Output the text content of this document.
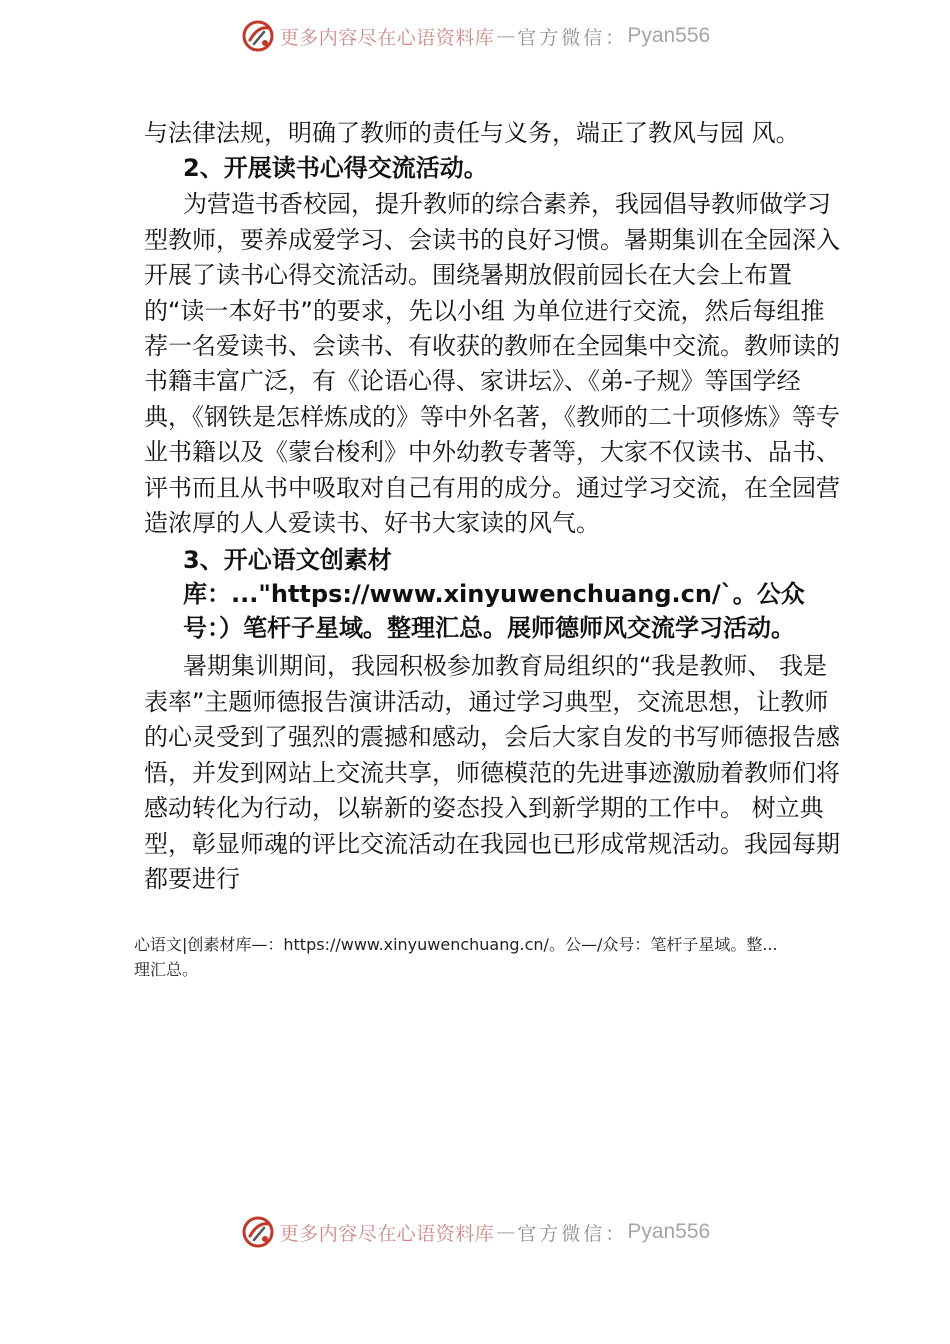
更多内容尽在心语资料库 — 官方微信： Pyan556

与法律法规，明确了教师的责任与义务，端正了教风与园 风。

2、开展读书心得交流活动。

为营造书香校园，提升教师的综合素养，我园倡导教师做学习型教师，要养成爱学习、会读书的良好习惯。暑期集训在全园深入开展了读书心得交流活动。围绕暑期放假前园长在大会上布置的“读一本好书”的要求，先以小组 为单位进行交流，然后每组推荐一名爱读书、会读书、有收获的教师在全园集中交流。教师读的书籍丰富广泛，有《论语心得、家讲坛》、《弟-子规》等国学经典，《钢铁是怎样炼成的》等中外名著，《教师的二十项修炼》等专业书籍以及《蒙台梭利》中外幼教专著等，大家不仅读书、品书、评书而且从书中吸取对自己有用的成分。通过学习交流，在全园营造浓厚的人人爱读书、好书大家读的风气。

3、开心语文创素材库：..."https://www.xinyuwenchuang.cn/`。公众号：）笔杆子星域。整理汇总。展师德师风交流学习活动。

暑期集训期间，我园积极参加教育局组织的“我是教师、 我是表率”主题师德报告演讲活动，通过学习典型，交流思想，让教师的心灵受到了强烈的震撼和感动，会后大家自发的书写师德报告感悟，并发到网站上交流共享，师德模范的先进事迹激励着教师们将感动转化为行动，以崭新的姿态投入到新学期的工作中。 树立典型，彰显师魂的评比交流活动在我园也已形成常规活动。我园每期都要进行

心语文|创素材库—：https://www.xinyuwenchuang.cn/。公—/众号：笔杆子星域。整...

理汇总。

更多内容尽在心语资料库 — 官方微信： Pyan556
